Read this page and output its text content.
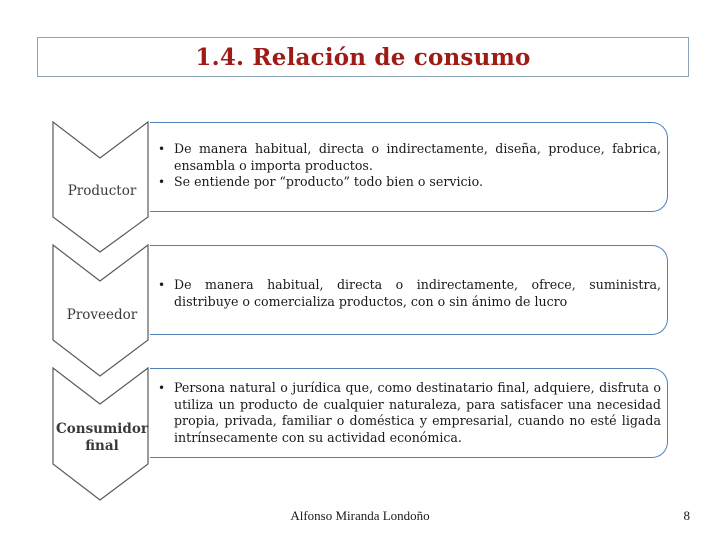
1.4. Relación de consumo
Productor
Proveedor
Consumidor
final
• De manera habitual, directa o indirectamente, diseña, produce, fabrica, ensambla o importa productos.
• Se entiende por “producto” todo bien o servicio.
• De manera habitual, directa o indirectamente, ofrece, suministra, distribuye o comercializa productos, con o sin ánimo de lucro
• Persona natural o jurídica que, como destinatario final, adquiere, disfruta o utiliza un producto de cualquier naturaleza, para satisfacer una necesidad propia, privada, familiar o doméstica y empresarial, cuando no esté ligada intrínsecamente con su actividad económica.
Alfonso Miranda Londoño	8
